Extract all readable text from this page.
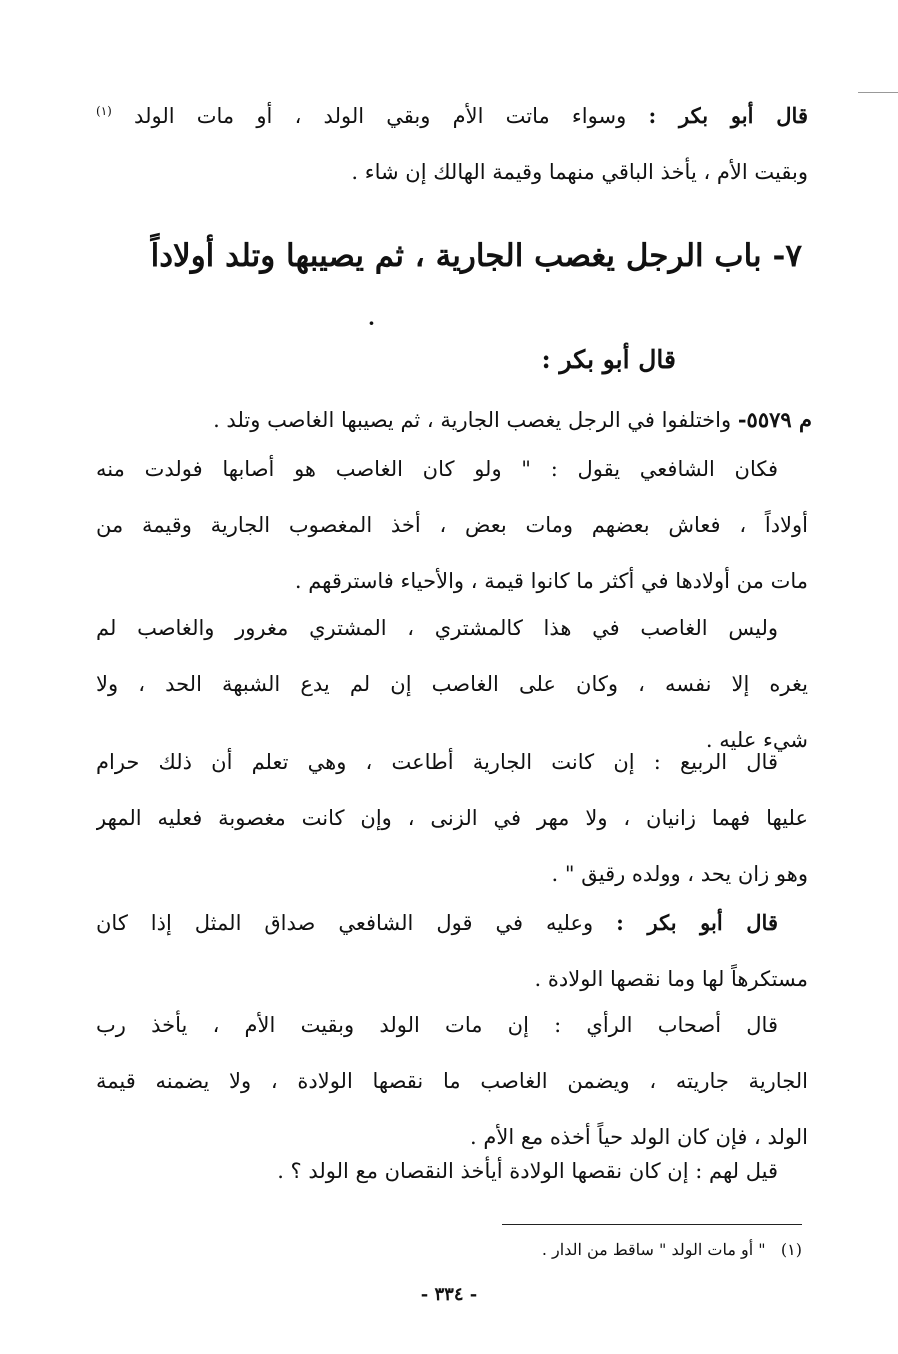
قال أبو بكر : وسواء ماتت الأم وبقي الولد ، أو مات الولد $^{(١)}$
وبقيت الأم ، يأخذ الباقي منهما وقيمة الهالك إن شاء .
٧- باب الرجل يغصب الجارية ، ثم يصيبها وتلد أولاداً
·
قال أبو بكر :
م ٥٥٧٩- واختلفوا في الرجل يغصب الجارية ، ثم يصيبها الغاصب وتلد .
فكان الشافعي يقول : " ولو كان الغاصب هو أصابها فولدت منه
أولاداً ، فعاش بعضهم ومات بعض ، أخذ المغصوب الجارية وقيمة من
مات من أولادها في أكثر ما كانوا قيمة ، والأحياء فاسترقهم .
وليس الغاصب في هذا كالمشتري ، المشتري مغرور والغاصب لم
يغره إلا نفسه ، وكان على الغاصب إن لم يدع الشبهة الحد ، ولا
شيء عليه .
قال الربيع : إن كانت الجارية أطاعت ، وهي تعلم أن ذلك حرام
عليها فهما زانيان ، ولا مهر في الزنى ، وإن كانت مغصوبة فعليه المهر
وهو زان يحد ، وولده رقيق " .
قال أبو بكر : وعليه في قول الشافعي صداق المثل إذا كان
مستكرهاً لها وما نقصها الولادة .
قال أصحاب الرأي : إن مات الولد وبقيت الأم ، يأخذ رب
الجارية جاريته ، ويضمن الغاصب ما نقصها الولادة ، ولا يضمنه قيمة
الولد ، فإن كان الولد حياً أخذه مع الأم .
قيل لهم : إن كان نقصها الولادة أيأخذ النقصان مع الولد ؟ .
(١)   " أو مات الولد " ساقط من الدار .
- ٣٣٤ -
